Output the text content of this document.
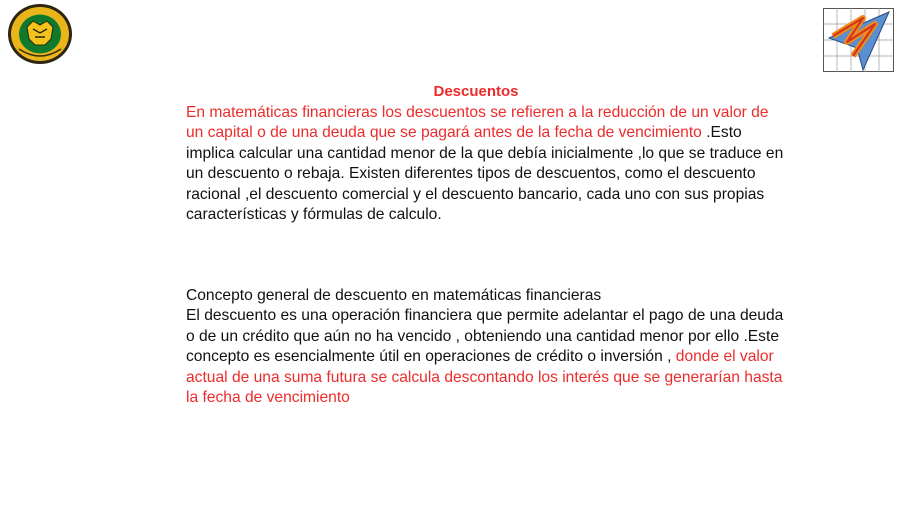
Descuentos
En matemáticas financieras los descuentos se refieren a la reducción de un valor de un capital o de una deuda que se pagará antes de la fecha de vencimiento .Esto implica calcular una cantidad menor de la que debía inicialmente ,lo que se traduce en un descuento o rebaja. Existen diferentes tipos de descuentos, como el descuento racional ,el descuento comercial y el descuento bancario, cada uno con sus propias características y fórmulas de calculo.
Concepto general de descuento en matemáticas financieras
El descuento es una operación financiera que permite adelantar el pago de una deuda o de un crédito que aún no ha vencido , obteniendo una cantidad menor por ello .Este concepto es esencialmente útil en operaciones de crédito o inversión , donde el valor actual de una suma futura se calcula descontando los interés que se generarían hasta la fecha de vencimiento
